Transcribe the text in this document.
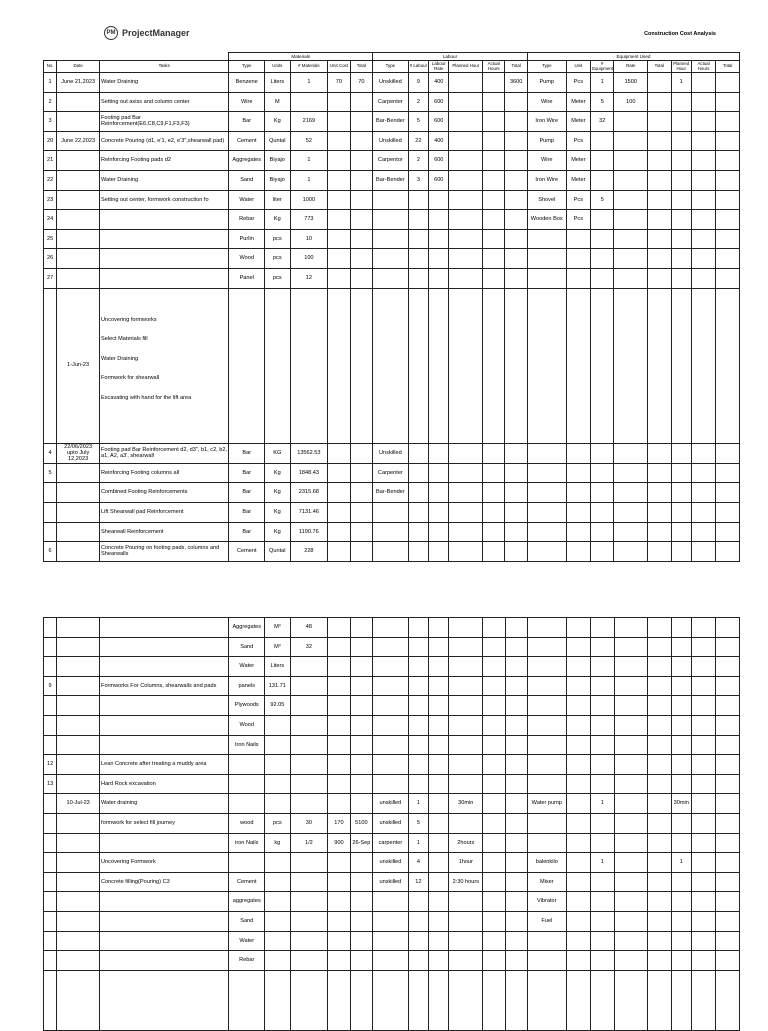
PM ProjectManager	Construction Cost Analysis
			Materials					Labour						Equipment Used							
No.	Date	Tasks	Type	Units	# Materials	Unit Cost	Total	Type	# Labour	Labour Rate	Planned Hour	Actual Hours	Total	Type	Unit	# Equipment	Rate	Total	Planned Hour	Actual Hours	Total
1	June 21,2023	Water Draining	Benzene	Liters	1	70	70	Unskilled	9	400			3600	Pump	Pcs	1	1500		1		
2		Setting out axiss and column center	Wire	M				Carpenter	2	600				Wire	Meter	5	100				
3		Footing pad Bar Reinforcement(E6,C8,C9,F1,F3,F3)	Bar	Kg	2169			Bar-Bender	5	600				Iron Wire	Meter	32					
20	June 22,2023	Concrete Pouring (d1, e'1, e2, e'3",shearwall pad)	Cement	Quntal	52			Unskilled	22	400				Pump	Pcs						
21		Reinforcing Footing pads d2	Aggregates	Biyajo	1			Carpentor	2	600				Wire	Meter						
22		Water Draining	Sand	Biyajo	1			Bar-Bender	3	600				Iron Wire	Meter						
23		Setting out center, formwork construction fo	Water	liter	1000									Shovel	Pcs	5					
24			Rebar	Kg	773									Wooden Box	Pcs						
25			Purlin	pcs	10																
26			Wood	pcs	100																
27			Panel	pcs	12																
	1-Jun-23	Uncovering formworks
Select Materials fill
Water Draining
Formwork for shearwall
Excavating with hand for the lift area																			

4	22/06/2023 upto July 12,2023	Footing pad Bar Reinforcement d2, d3", b1, c2, b2, a1, A2, a3', shearwall	Bar	KG	13562.53			Unskilled													
5		Reinforcing Footing columns all	Bar	Kg	1848.43			Carpenter													
		Combined Footing Reinforcements	Bar	Kg	2315.68			Bar-Bender													
		Lift Shearwall pad Reinforcement	Bar	Kg	7131.46																
		Shearwall Reinforcement	Bar	Kg	1190.76																
6		Concrete Pouring on footing pads, columns and Shearwalls	Cement	Quntal	228																
			Aggregates	M³	48																
			Sand	M³	32																
			Water	Liters																	
9		Formworks For Columns, shearwalls and pads	panels	131.71																	
			Plywoods	92.05																	
			Wood																		
			Iron Nails																		
12		Lean Concrete after treating a muddy area																			
13		Hard Rock excavation																			
	10-Jul-23	Water draining						unskilled	1		30min			Water pump		1			30min		
		formwork for select fill journey	wood	pcs	30	170	5100	unskilled	5												
			iron Nails	kg	1/2	900	26-Sep	carpenter	1		2hours										
		Uncovering Formwork						unskilled	4		1hour			balenkilo		1			1		
		Concrete filling(Pouring) C3	Cement					unskilled	12		2:30 hours			Mixer							
			aggregates											Vibrator							
			Sand											Fuel							
			Water																		
			Rebar																		
